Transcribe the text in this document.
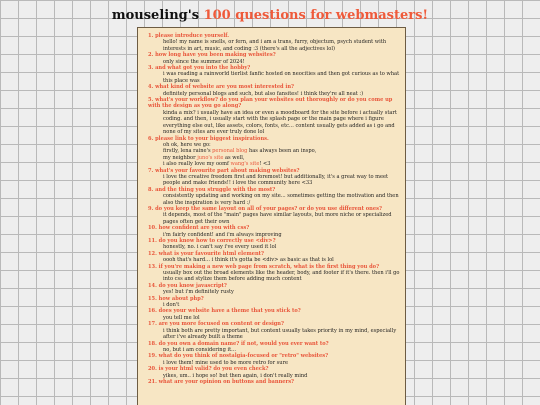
mouseling's 100 questions for webmasters!

1. please introduce yourself.

hello! my name is snells, or fern, and i am a trans, furry, objectum, psych student with interests in art, music, and coding :3 (there's all the adjectives lol)

2. how long have you been making websites?

only since the summer of 2024!

3. and what got you into the hobby?

i was reading a rainworld tierlist fanfic hosted on neocities and then got curious as to what this place was

4. what kind of website are you most interested in?

definitely personal blogs and such, but also fansites! i think they're all neat :)

5. what's your workflow? do you plan your websites out thoroughly or do you come up with the design as you go along?

kinda a mix? i usually have an idea or even a moodboard for the site before i actually start coding. and then, i usually start with the splash page or the main page where i figure everything else out, like assets, colors, fonts, etc... content usually gets added as i go and none of my sites are ever truly done lol

6. please link to your biggest inspirations.

oh ok, here we go:

firstly, lena raine's personal blog has always been an inspo,

my neighbor juno's site as well,

i also really love my oomf wang's site! <3

7. what's your favourite part about making websites?

i love the creative freedom first and foremost! but additionally, it's a great way to meet people and make friends!! i love the community here <33

8. and the thing you struggle with the most?

consistently updating and working on my site... sometimes getting the motivation and then also the inspiration is very hard :/

9. do you keep the same layout on all of your pages? or do you use different ones?

it depends, most of the "main" pages have similar layouts, but more niche or specialized pages often get their own

10. how confident are you with css?

i'm fairly confident! and i'm always improving

11. do you know how to correctly use <div>?

honestly, no. i can't say i've every used it lol

12. what is your favourite html element?

oooh that's hard... i think it's gotta be <div> as basic as that is lol

13. if you're making a new web page from scratch, what is the first thing you do?

usually box out the broad elements like the header, body, and footer if it's there. then i'll go into css and stylize them before adding much content

14. do you know javascript?

yes! but i'm definitely rusty

15. how about php?

i don't

16. does your website have a theme that you stick to?

you tell me lol

17. are you more focused on content or design?

i think both are pretty important, but content usually takes priority in my mind, especially after i've already built a theme

18. do you own a domain name? if not, would you ever want to?

no, but i am considering it...

19. what do you think of nostalgia-focused or "retro" websites?

i love them! mine used to be more retro for sure

20. is your html valid? do you even check?

yikes, um.. i hope so! but then again, i don't really mind

21. what are your opinion on buttons and banners?
